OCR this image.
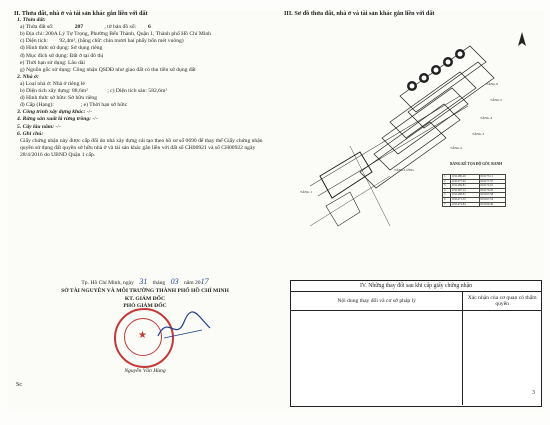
II. Thửa đất, nhà ở và tài sản khác gắn liền với đất
1. Thửa đất:
a) Thửa đất số:	207	, tờ bản đồ số: 6
b) Địa chỉ: 200A Lý Tự Trọng, Phường Bến Thành, Quận 1, Thành phố Hồ Chí Minh
c) Diện tích: 92,4m², (bằng chữ: chín mươi hai phẩy bốn mét vuông)
d) Hình thức sử dụng: Sử dụng riêng
đ) Mục đích sử dụng: Đất ở tại đô thị
e) Thời hạn sử dụng: Lâu dài
g) Nguồn gốc sử dụng: Công nhận QSDĐ như giao đất có thu tiền sử dụng đất
2. Nhà ở:
a) Loại nhà ở: Nhà ở riêng lẻ
b) Diện tích xây dựng: 88,6m²	; c) Diện tích sàn: 582,6m²
d) Hình thức sở hữu: Sở hữu riêng
đ) Cấp (Hạng):	; e) Thời hạn sở hữu:
3. Công trình xây dựng khác: -/-
4. Rừng sản xuất là rừng trồng: -/-
5. Cây lâu năm: -/-
6. Ghi chú:
Giấy chứng nhận này được cấp đổi do nhà xây dựng cải tạo theo hồ sơ số 0690 để thay thế Giấy chứng nhận quyền sử dụng đất quyền sở hữu nhà ở và tài sản khác gắn liền với đất số CH00921 và số CH00922 ngày 28/4/2016 do UBND Quận 1 cấp.
Tp. Hồ Chí Minh, ngày 31 tháng 03 năm 2017
SỞ TÀI NGUYÊN VÀ MÔI TRƯỜNG THÀNH PHỐ HỒ CHÍ MINH
KT. GIÁM ĐỐC
PHÓ GIÁM ĐỐC
★
Nguyễn Văn Hùng
Sc
III. Sơ đồ thửa đất, nhà ở và tài sản khác gắn liền với đất
TẦNG 6
TẦNG 5
TẦNG 4
TẦNG 3
TẦNG 2
TẦNG LỬNG
TẦNG 1
BẢNG KÊ TỌA ĐỘ GÓC RANH
1	1191480.40	601173.11
2	1191477.92	601177.37
3	1191469.81	601172.61
4	1191467.12	601170.20
5	1191468.81	601165.58
6	1191471.35	601167.16
7	1191474.84	601169.40
IV. Những thay đổi sau khi cấp giấy chứng nhận
Nội dung thay đổi và cơ sở pháp lý	Xác nhận của cơ quan có thẩm quyền
3
